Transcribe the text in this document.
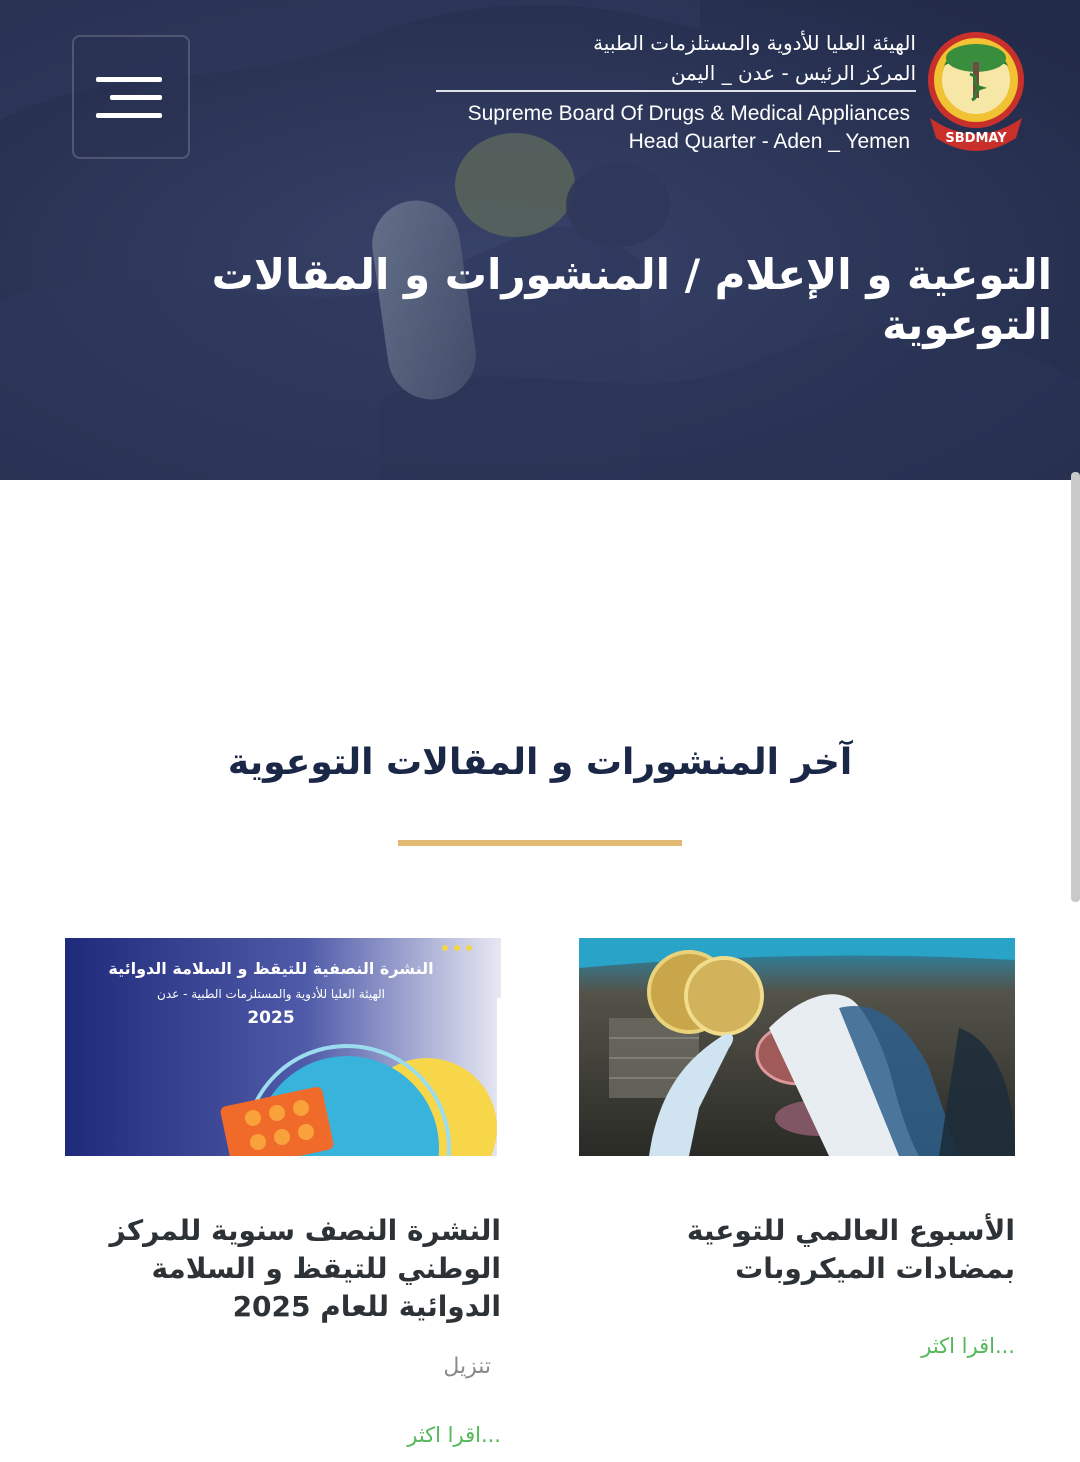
الهيئة العليا للأدوية والمستلزمات الطبية
المركز الرئيس - عدن _ اليمن
Supreme Board Of Drugs & Medical Appliances
Head Quarter - Aden _ Yemen	SBDMAY
التوعية و الإعلام / المنشورات و المقالات التوعوية
آخر المنشورات و المقالات التوعوية
النشرة النصفية للتيقظ و السلامة الدوائية
الهيئة العليا للأدوية والمستلزمات الطبية - عدن
2025
النشرة النصف سنوية للمركز الوطني للتيقظ و السلامة الدوائية للعام 2025
تنزيل
...اقرا اكثر
الأسبوع العالمي للتوعية بمضادات الميكروبات
...اقرا اكثر
